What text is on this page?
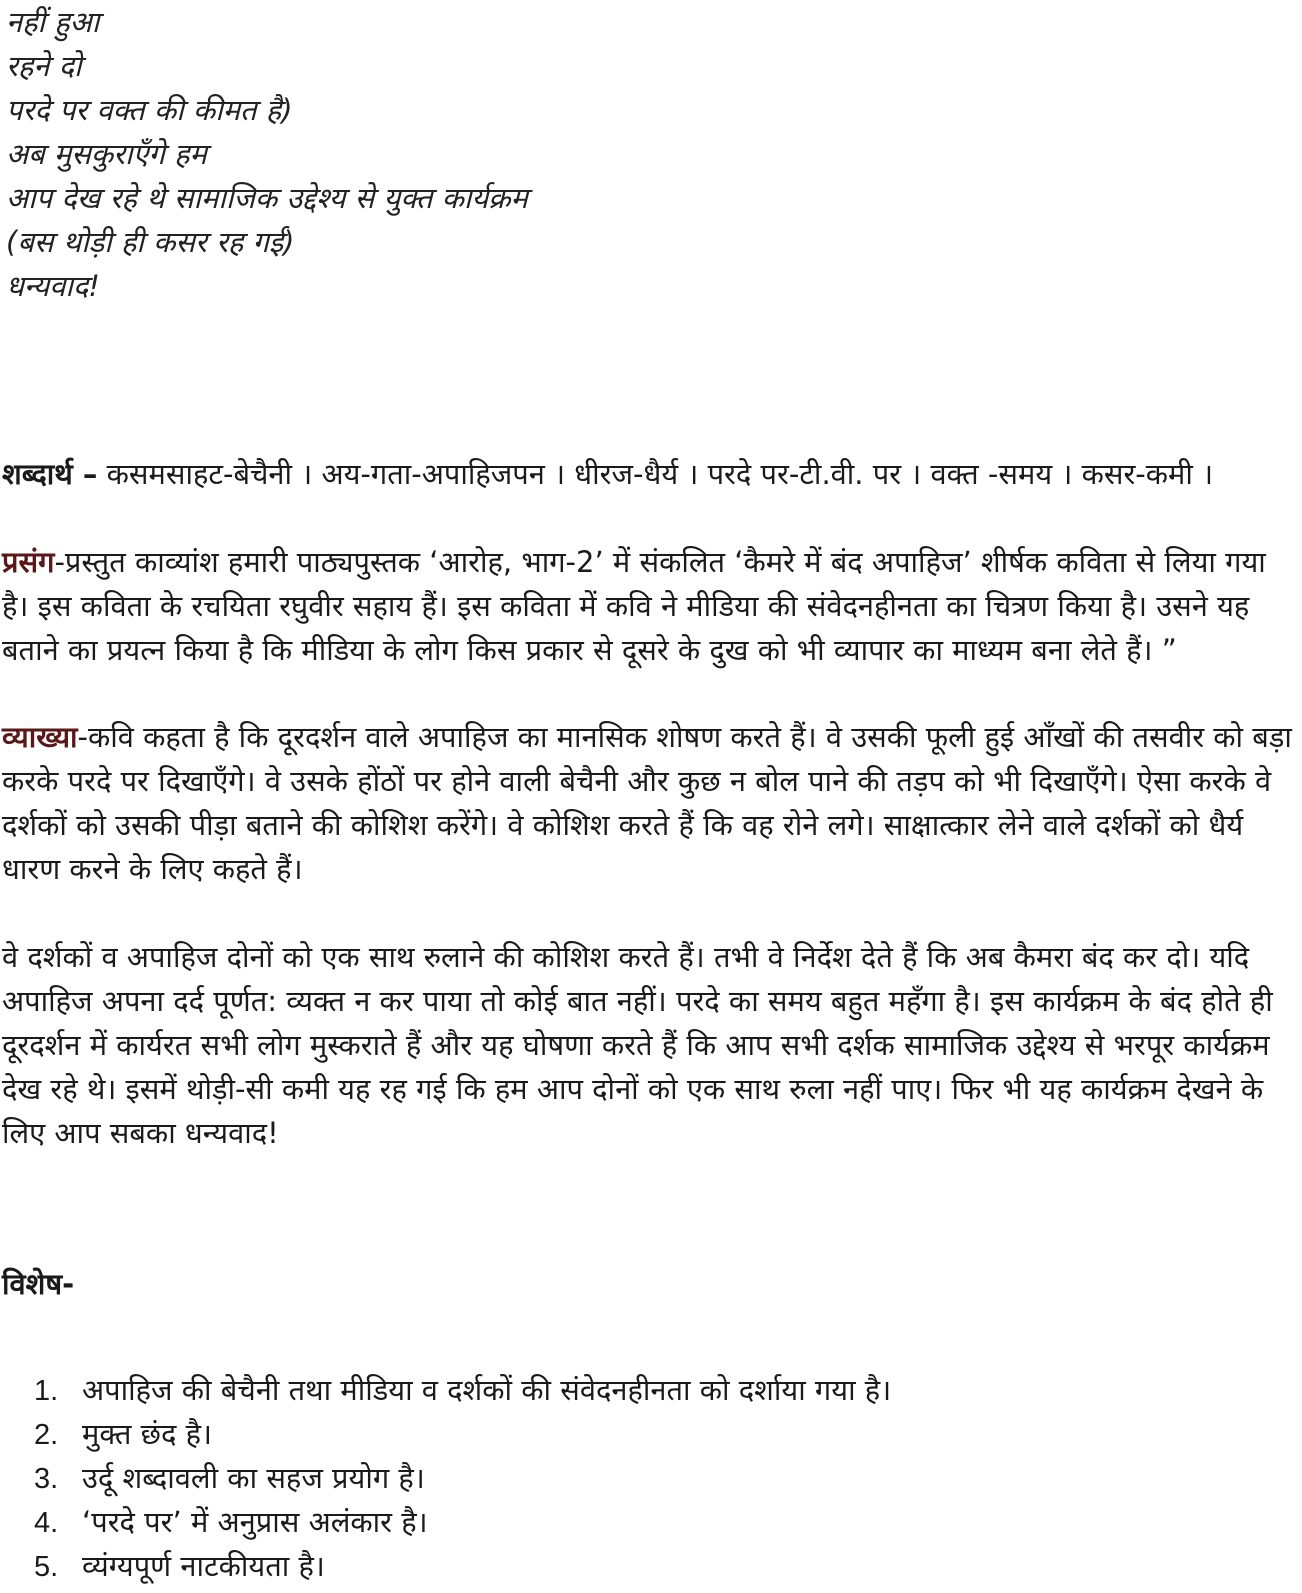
नहीं हुआ
रहने दो
परदे पर वक्त की कीमत है)
अब मुसकुराएँगे हम
आप देख रहे थे सामाजिक उद्देश्य से युक्त कार्यक्रम
(बस थोड़ी ही कसर रह गई)
धन्यवाद!

शब्दार्थ – कसमसाहट-बेचैनी । अय-गता-अपाहिजपन । धीरज-धैर्य । परदे पर-टी.वी. पर । वक्त -समय । कसर-कमी ।

प्रसंग-प्रस्तुत काव्यांश हमारी पाठ्यपुस्तक ‘आरोह, भाग-2’ में संकलित ‘कैमरे में बंद अपाहिज’ शीर्षक कविता से लिया गया है। इस कविता के रचयिता रघुवीर सहाय हैं। इस कविता में कवि ने मीडिया की संवेदनहीनता का चित्रण किया है। उसने यह बताने का प्रयत्न किया है कि मीडिया के लोग किस प्रकार से दूसरे के दुख को भी व्यापार का माध्यम बना लेते हैं। ”

व्याख्या-कवि कहता है कि दूरदर्शन वाले अपाहिज का मानसिक शोषण करते हैं। वे उसकी फूली हुई आँखों की तसवीर को बड़ा करके परदे पर दिखाएँगे। वे उसके होंठों पर होने वाली बेचैनी और कुछ न बोल पाने की तड़प को भी दिखाएँगे। ऐसा करके वे दर्शकों को उसकी पीड़ा बताने की कोशिश करेंगे। वे कोशिश करते हैं कि वह रोने लगे। साक्षात्कार लेने वाले दर्शकों को धैर्य धारण करने के लिए कहते हैं।

वे दर्शकों व अपाहिज दोनों को एक साथ रुलाने की कोशिश करते हैं। तभी वे निर्देश देते हैं कि अब कैमरा बंद कर दो। यदि अपाहिज अपना दर्द पूर्णत: व्यक्त न कर पाया तो कोई बात नहीं। परदे का समय बहुत महँगा है। इस कार्यक्रम के बंद होते ही दूरदर्शन में कार्यरत सभी लोग मुस्कराते हैं और यह घोषणा करते हैं कि आप सभी दर्शक सामाजिक उद्देश्य से भरपूर कार्यक्रम देख रहे थे। इसमें थोड़ी-सी कमी यह रह गई कि हम आप दोनों को एक साथ रुला नहीं पाए। फिर भी यह कार्यक्रम देखने के लिए आप सबका धन्यवाद!

विशेष-
1. अपाहिज की बेचैनी तथा मीडिया व दर्शकों की संवेदनहीनता को दर्शाया गया है।
2. मुक्त छंद है।
3. उर्दू शब्दावली का सहज प्रयोग है।
4. ‘परदे पर’ में अनुप्रास अलंकार है।
5. व्यंग्यपूर्ण नाटकीयता है।
